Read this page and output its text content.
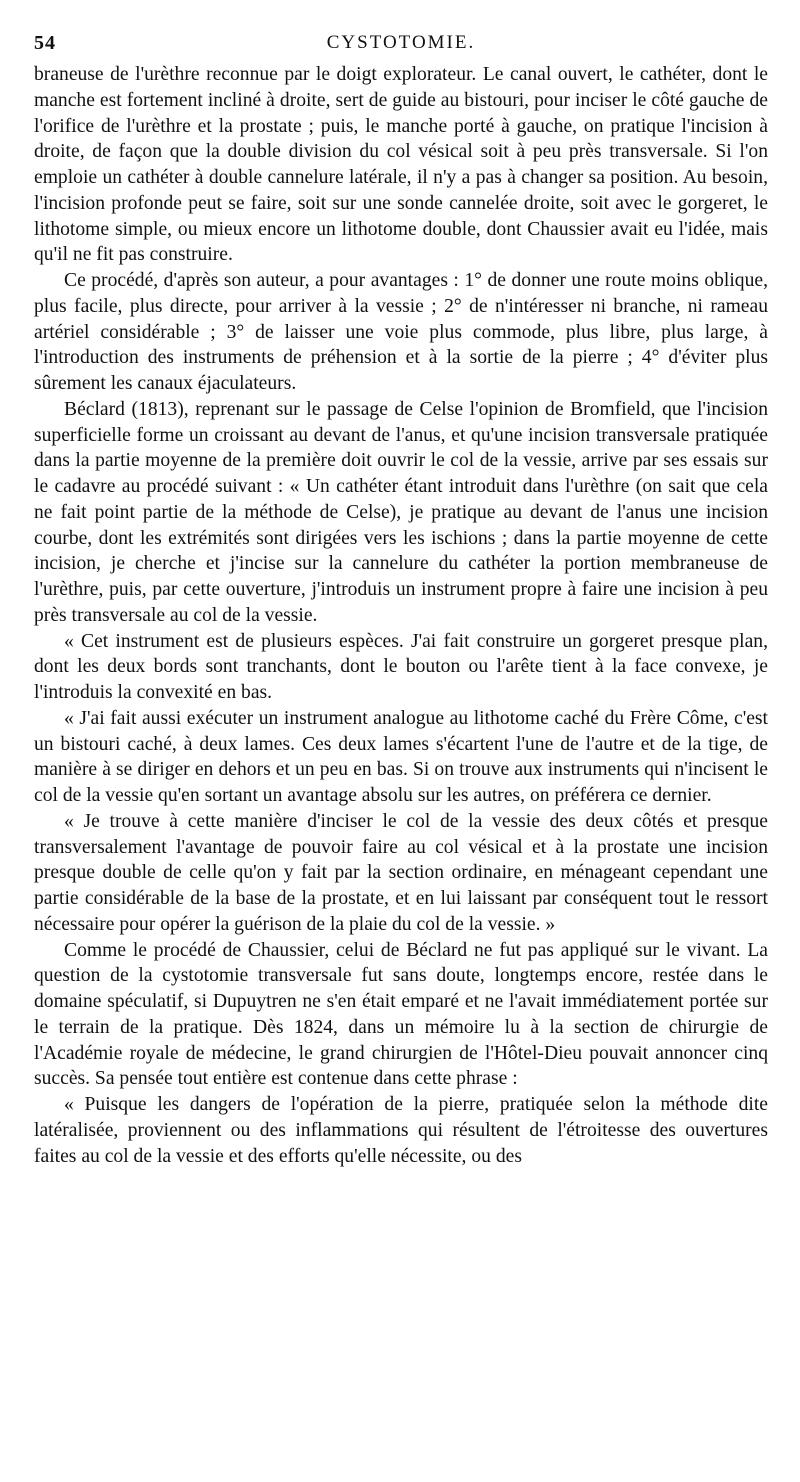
54	CYSTOTOMIE.

braneuse de l'urèthre reconnue par le doigt explorateur. Le canal ouvert, le cathéter, dont le manche est fortement incliné à droite, sert de guide au bistouri, pour inciser le côté gauche de l'orifice de l'urèthre et la prostate ; puis, le manche porté à gauche, on pratique l'incision à droite, de façon que la double division du col vésical soit à peu près transversale. Si l'on emploie un cathéter à double cannelure latérale, il n'y a pas à changer sa position. Au besoin, l'incision profonde peut se faire, soit sur une sonde cannelée droite, soit avec le gorgeret, le lithotome simple, ou mieux encore un lithotome double, dont Chaussier avait eu l'idée, mais qu'il ne fit pas construire.

Ce procédé, d'après son auteur, a pour avantages : 1° de donner une route moins oblique, plus facile, plus directe, pour arriver à la vessie ; 2° de n'intéresser ni branche, ni rameau artériel considérable ; 3° de laisser une voie plus commode, plus libre, plus large, à l'introduction des instruments de préhension et à la sortie de la pierre ; 4° d'éviter plus sûrement les canaux éjaculateurs.

Béclard (1813), reprenant sur le passage de Celse l'opinion de Bromfield, que l'incision superficielle forme un croissant au devant de l'anus, et qu'une incision transversale pratiquée dans la partie moyenne de la première doit ouvrir le col de la vessie, arrive par ses essais sur le cadavre au procédé suivant : « Un cathéter étant introduit dans l'urèthre (on sait que cela ne fait point partie de la méthode de Celse), je pratique au devant de l'anus une incision courbe, dont les extrémités sont dirigées vers les ischions ; dans la partie moyenne de cette incision, je cherche et j'incise sur la cannelure du cathéter la portion membraneuse de l'urèthre, puis, par cette ouverture, j'introduis un instrument propre à faire une incision à peu près transversale au col de la vessie.

« Cet instrument est de plusieurs espèces. J'ai fait construire un gorgeret presque plan, dont les deux bords sont tranchants, dont le bouton ou l'arête tient à la face convexe, je l'introduis la convexité en bas.

« J'ai fait aussi exécuter un instrument analogue au lithotome caché du Frère Côme, c'est un bistouri caché, à deux lames. Ces deux lames s'écartent l'une de l'autre et de la tige, de manière à se diriger en dehors et un peu en bas. Si on trouve aux instruments qui n'incisent le col de la vessie qu'en sortant un avantage absolu sur les autres, on préférera ce dernier.

« Je trouve à cette manière d'inciser le col de la vessie des deux côtés et presque transversalement l'avantage de pouvoir faire au col vésical et à la prostate une incision presque double de celle qu'on y fait par la section ordinaire, en ménageant cependant une partie considérable de la base de la prostate, et en lui laissant par conséquent tout le ressort nécessaire pour opérer la guérison de la plaie du col de la vessie. »

Comme le procédé de Chaussier, celui de Béclard ne fut pas appliqué sur le vivant. La question de la cystotomie transversale fut sans doute, longtemps encore, restée dans le domaine spéculatif, si Dupuytren ne s'en était emparé et ne l'avait immédiatement portée sur le terrain de la pratique. Dès 1824, dans un mémoire lu à la section de chirurgie de l'Académie royale de médecine, le grand chirurgien de l'Hôtel-Dieu pouvait annoncer cinq succès. Sa pensée tout entière est contenue dans cette phrase :

« Puisque les dangers de l'opération de la pierre, pratiquée selon la méthode dite latéralisée, proviennent ou des inflammations qui résultent de l'étroitesse des ouvertures faites au col de la vessie et des efforts qu'elle nécessite, ou des
